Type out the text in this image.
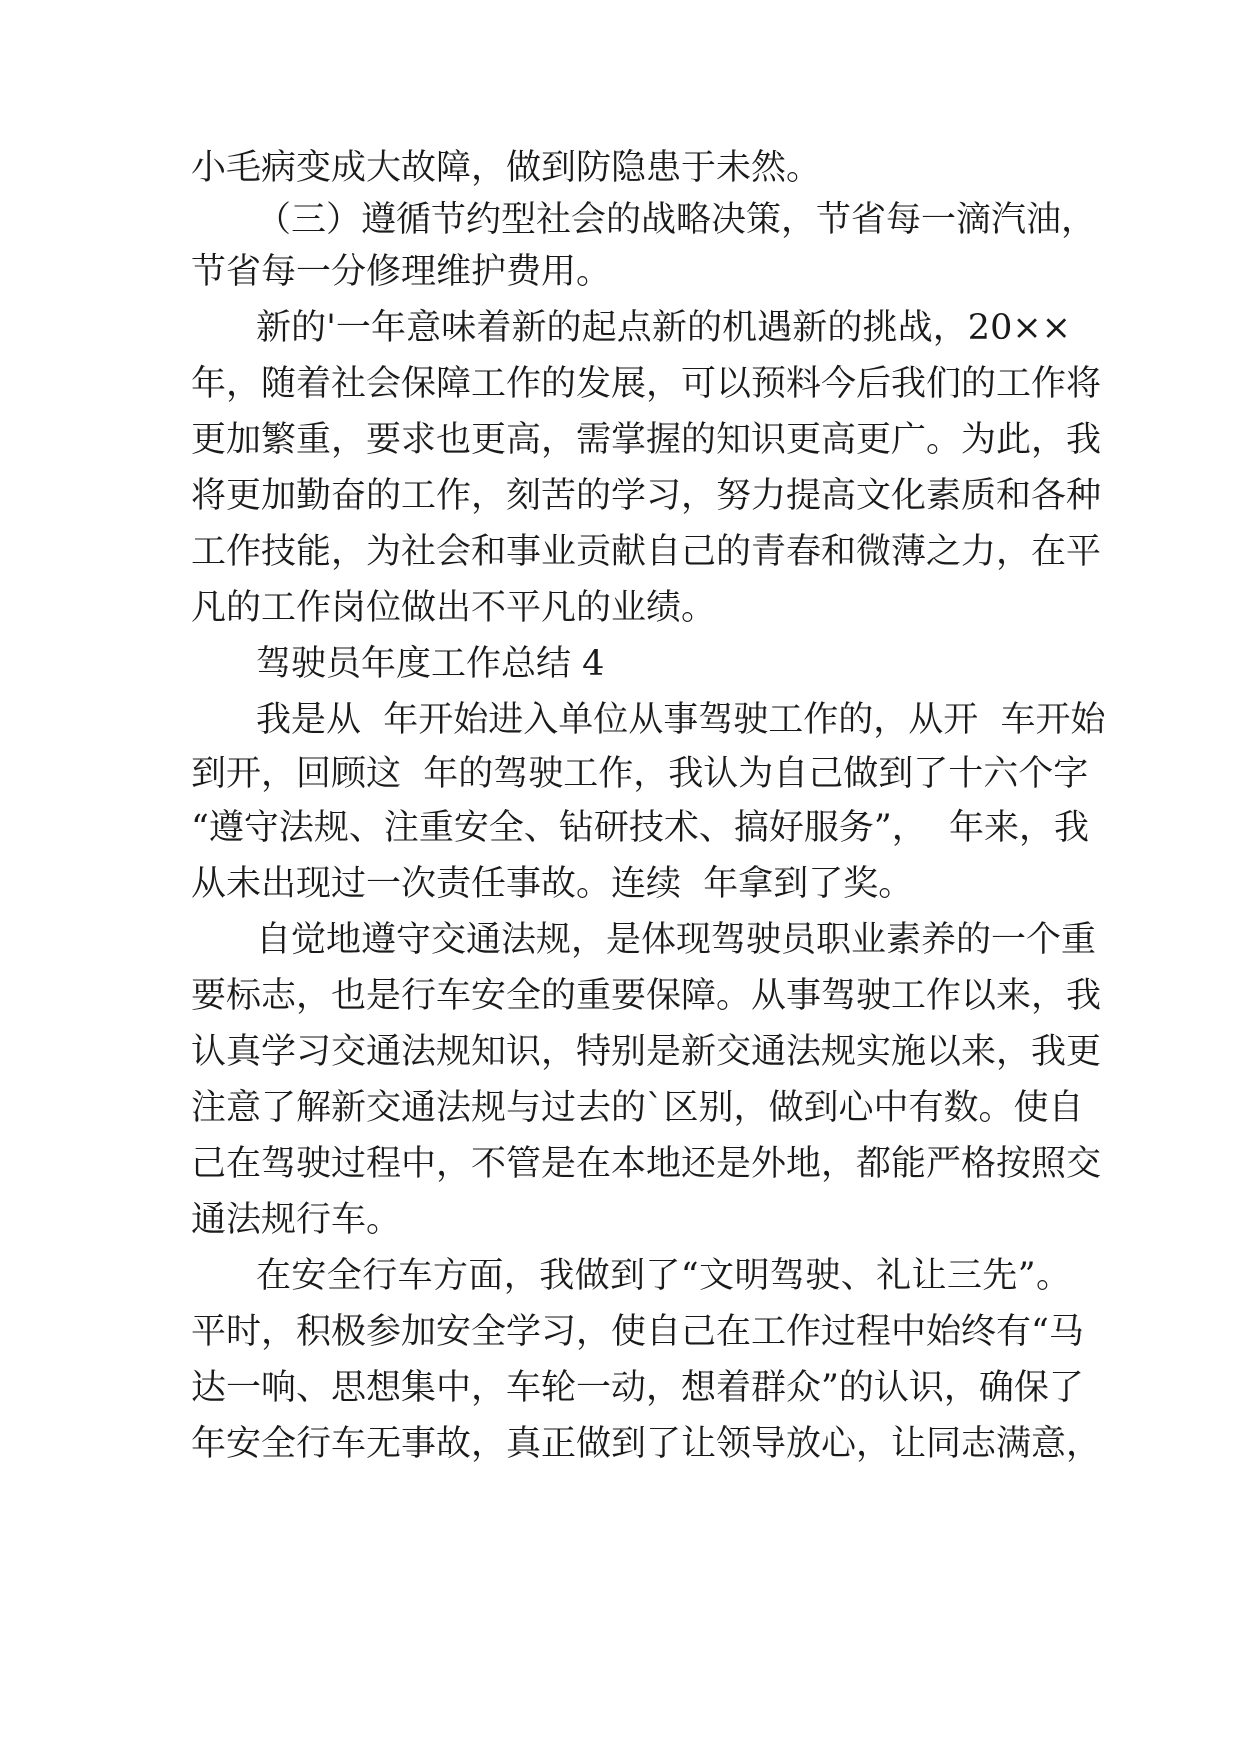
小毛病变成大故障，做到防隐患于未然。

（三）遵循节约型社会的战略决策，节省每一滴汽油，

节省每一分修理维护费用。

新的'一年意味着新的起点新的机遇新的挑战，20××

年，随着社会保障工作的发展，可以预料今后我们的工作将

更加繁重，要求也更高，需掌握的知识更高更广。为此，我

将更加勤奋的工作，刻苦的学习，努力提高文化素质和各种

工作技能，为社会和事业贡献自己的青春和微薄之力，在平

凡的工作岗位做出不平凡的业绩。

驾驶员年度工作总结 4

我是从  年开始进入单位从事驾驶工作的，从开  车开始

到开，回顾这  年的驾驶工作，我认为自己做到了十六个字

“遵守法规、注重安全、钻研技术、搞好服务”，  年来，我

从未出现过一次责任事故。连续  年拿到了奖。

自觉地遵守交通法规，是体现驾驶员职业素养的一个重

要标志，也是行车安全的重要保障。从事驾驶工作以来，我

认真学习交通法规知识，特别是新交通法规实施以来，我更

注意了解新交通法规与过去的`区别，做到心中有数。使自

己在驾驶过程中，不管是在本地还是外地，都能严格按照交

通法规行车。

在安全行车方面，我做到了“文明驾驶、礼让三先”。

平时，积极参加安全学习，使自己在工作过程中始终有“马

达一响、思想集中，车轮一动，想着群众”的认识，确保了

年安全行车无事故，真正做到了让领导放心，让同志满意，
